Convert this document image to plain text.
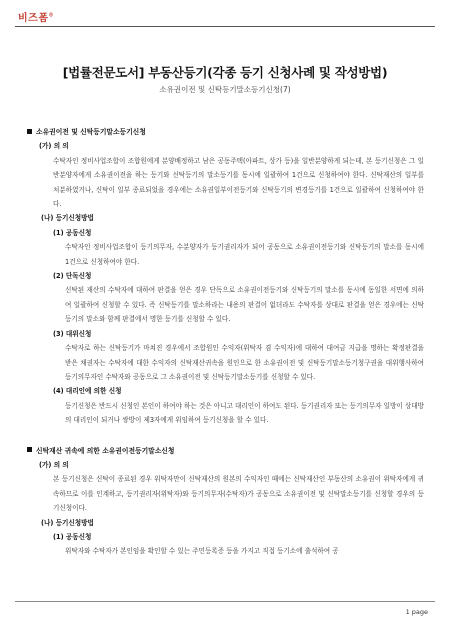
비즈폼®
[법률전문도서] 부동산등기(각종 등기 신청사례 및 작성방법)
소유권이전 및 신탁등기말소등기신청(7)
소유권이전 및 신탁등기말소등기신청
(가) 의 의
수탁자인 정비사업조합이 조합원에게 분양배정하고 남은 공동주택(아파트, 상가 등)을 일반분양하게 되는데, 본 등기신청은 그 일반분양자에게 소유권이전을 하는 등기와 신탁등기의 말소등기를 동시에 일괄하여 1건으로 신청하여야 한다. 신탁재산의 일부를 처분하였거나, 신탁이 일부 종료되었을 경우에는 소유권일부이전등기와 신탁등기의 변경등기를 1건으로 일괄하여 신청하여야 한다.
(나) 등기신청방법
(1) 공동신청
수탁자인 정비사업조합이 등기의무자, 수분양자가 등기권리자가 되어 공동으로 소유권이전등기와 신탁등기의 말소를 동시에 1건으로 신청하여야 한다.
(2) 단독신청
신탁된 재산의 수탁자에 대하여 판결을 얻은 경우 단독으로 소유권이전등기와 신탁등기의 말소를 동시에 동일한 서면에 의하여 일괄하여 신청할 수 있다. 즉 신탁등기를 말소하라는 내용의 판결이 없더라도 수탁자를 상대로 판결을 얻은 경우에는 신탁등기의 말소와 함께 판결에서 명한 등기를 신청할 수 있다.
(3) 대위신청
수탁자로 하는 신탁등기가 마쳐진 경우에서 조합원인 수익자(위탁자 겸 수익자)에 대하여 대여금 지급을 명하는 확정판결을 받은 채권자는 수탁자에 대한 수익자의 신탁재산귀속을 원인으로 한 소유권이전 및 신탁등기말소등기청구권을 대위행사하여 등기의무자인 수탁자와 공동으로 그 소유권이전 및 신탁등기말소등기를 신청할 수 있다.
(4) 대리인에 의한 신청
등기신청은 반드시 신청인 본인이 하여야 하는 것은 아니고 대리인이 하여도 된다. 등기권리자 또는 등기의무자 일방이 상대방의 대리인이 되거나 쌍방이 제3자에게 위임하여 등기신청을 할 수 있다.
신탁재산 귀속에 의한 소유권이전등기말소신청
(가) 의 의
본 등기신청은 신탁이 종료된 경우 위탁자만이 신탁재산의 원본의 수익자인 때에는 신탁재산인 부동산의 소유권이 위탁자에게 귀속하므로 이를 인계하고, 등기권리자(위탁자)와 등기의무자(수탁자)가 공동으로 소유권이전 및 신탁말소등기를 신청할 경우의 등기신청이다.
(나) 등기신청방법
(1) 공동신청
위탁자와 수탁자가 본인임을 확인할 수 있는 주민등록증 등을 가지고 직접 등기소에 출석하여 공
1 page
